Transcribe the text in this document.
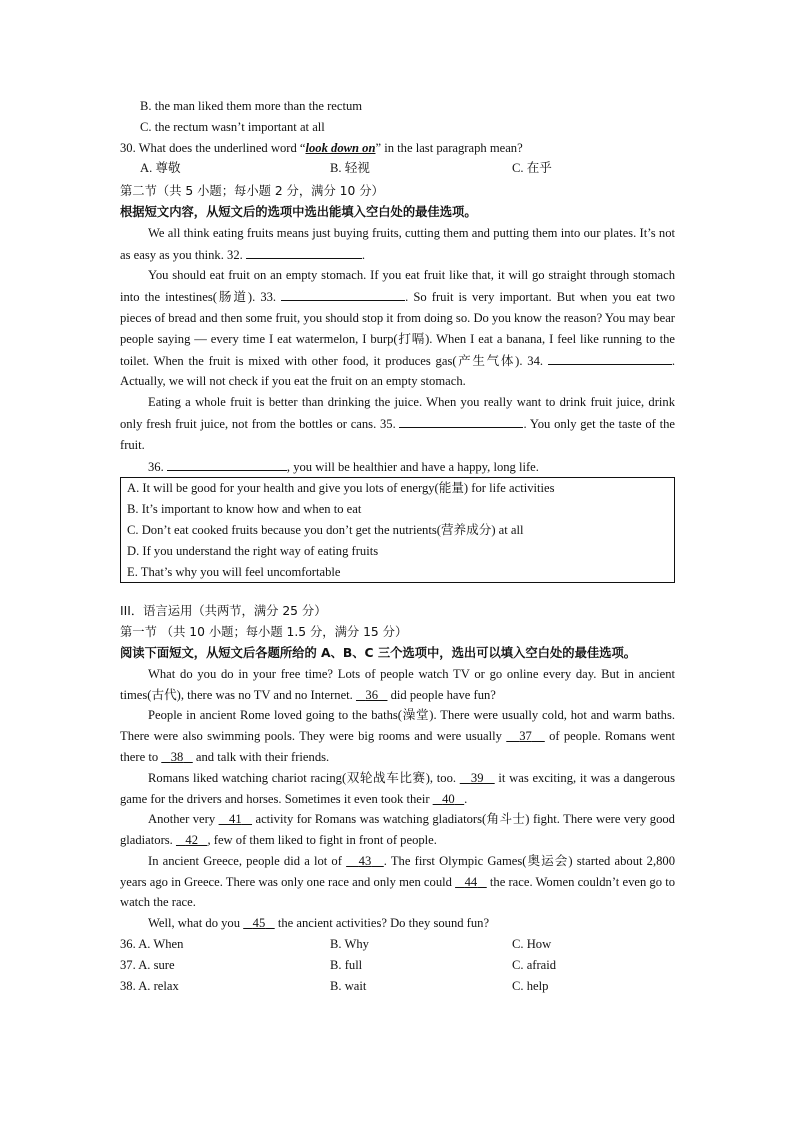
B. the man liked them more than the rectum
C. the rectum wasn’t important at all
30. What does the underlined word “look down on” in the last paragraph mean?
A. 尊敬	B. 轻视	C. 在乎
第二节（共 5 小题；每小题 2 分，满分 10 分）
根据短文内容，从短文后的选项中选出能填入空白处的最佳选项。
We all think eating fruits means just buying fruits, cutting them and putting them into our plates. It’s not as easy as you think. 32.	.
You should eat fruit on an empty stomach. If you eat fruit like that, it will go straight through stomach into the intestines(肠道). 33.	. So fruit is very important. But when you eat two pieces of bread and then some fruit, you should stop it from doing so. Do you know the reason? You may bear people saying — every time I eat watermelon, I burp(打嗝). When I eat a banana, I feel like running to the toilet. When the fruit is mixed with other food, it produces gas(产生气体). 34.	. Actually, we will not check if you eat the fruit on an empty stomach.
Eating a whole fruit is better than drinking the juice. When you really want to drink fruit juice, drink only fresh fruit juice, not from the bottles or cans. 35.	. You only get the taste of the fruit.
36.	, you will be healthier and have a happy, long life.
A. It will be good for your health and give you lots of energy(能量) for life activities
B. It’s important to know how and when to eat
C. Don’t eat cooked fruits because you don’t get the nutrients(营养成分) at all
D. If you understand the right way of eating fruits
E. That’s why you will feel uncomfortable
III．语言运用（共两节，满分 25 分）
第一节 （共 10 小题；每小题 1.5 分，满分 15 分）
阅读下面短文，从短文后各题所给的 A、B、C 三个选项中，选出可以填入空白处的最佳选项。
What do you do in your free time? Lots of people watch TV or go online every day. But in ancient times(古代), there was no TV and no Internet.    36    did people have fun?
People in ancient Rome loved going to the baths(澡堂). There were usually cold, hot and warm baths. There were also swimming pools. They were big rooms and were usually    37    of people. Romans went there to    38    and talk with their friends.
Romans liked watching chariot racing(双轮战车比赛), too.    39    it was exciting, it was a dangerous game for the drivers and horses. Sometimes it even took their    40 .
Another very    41    activity for Romans was watching gladiators(角斗士) fight. There were very good gladiators.    42 , few of them liked to fight in front of people.
In ancient Greece, people did a lot of    43 . The first Olympic Games(奥运会) started about 2,800 years ago in Greece. There was only one race and only men could    44    the race. Women couldn’t even go to watch the race.
Well, what do you    45    the ancient activities? Do they sound fun?
36. A. When	B. Why	C. How
37. A. sure	B. full	C. afraid
38. A. relax	B. wait	C. help
